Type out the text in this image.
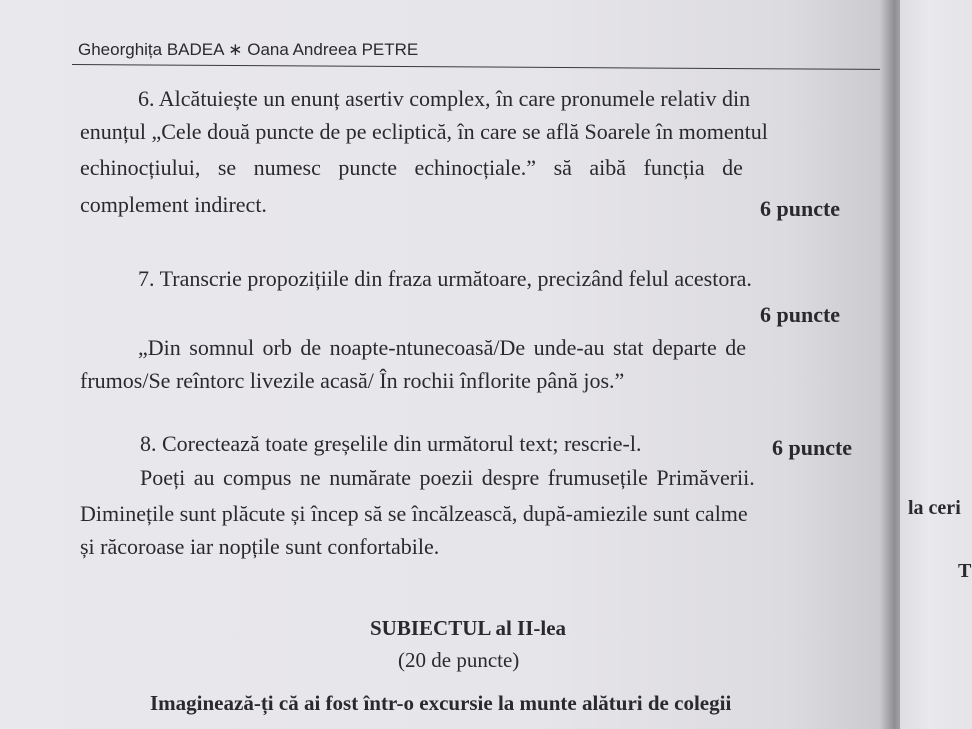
Gheorghița BADEA ∗ Oana Andreea PETRE
6. Alcătuiește un enunț asertiv complex, în care pronumele relativ din
enunțul „Cele două puncte de pe ecliptică, în care se află Soarele în momentul
echinocțiului, se numesc puncte echinocțiale.” să aibă funcția de
complement indirect.	6 puncte
7. Transcrie propozițiile din fraza următoare, precizând felul acestora.
6 puncte
„Din somnul orb de noapte-ntunecoasă/De unde-au stat departe de
frumos/Se reîntorc livezile acasă/ În rochii înflorite până jos.”
8. Corectează toate greșelile din următorul text; rescrie-l.	6 puncte
Poeți au compus ne numărate poezii despre frumusețile Primăverii.
Diminețile sunt plăcute și încep să se încălzească, după-amiezile sunt calme
și răcoroase iar nopțile sunt confortabile.
SUBIECTUL al II-lea
(20 de puncte)
Imaginează-ți că ai fost într-o excursie la munte alături de colegii
la ceri
T
